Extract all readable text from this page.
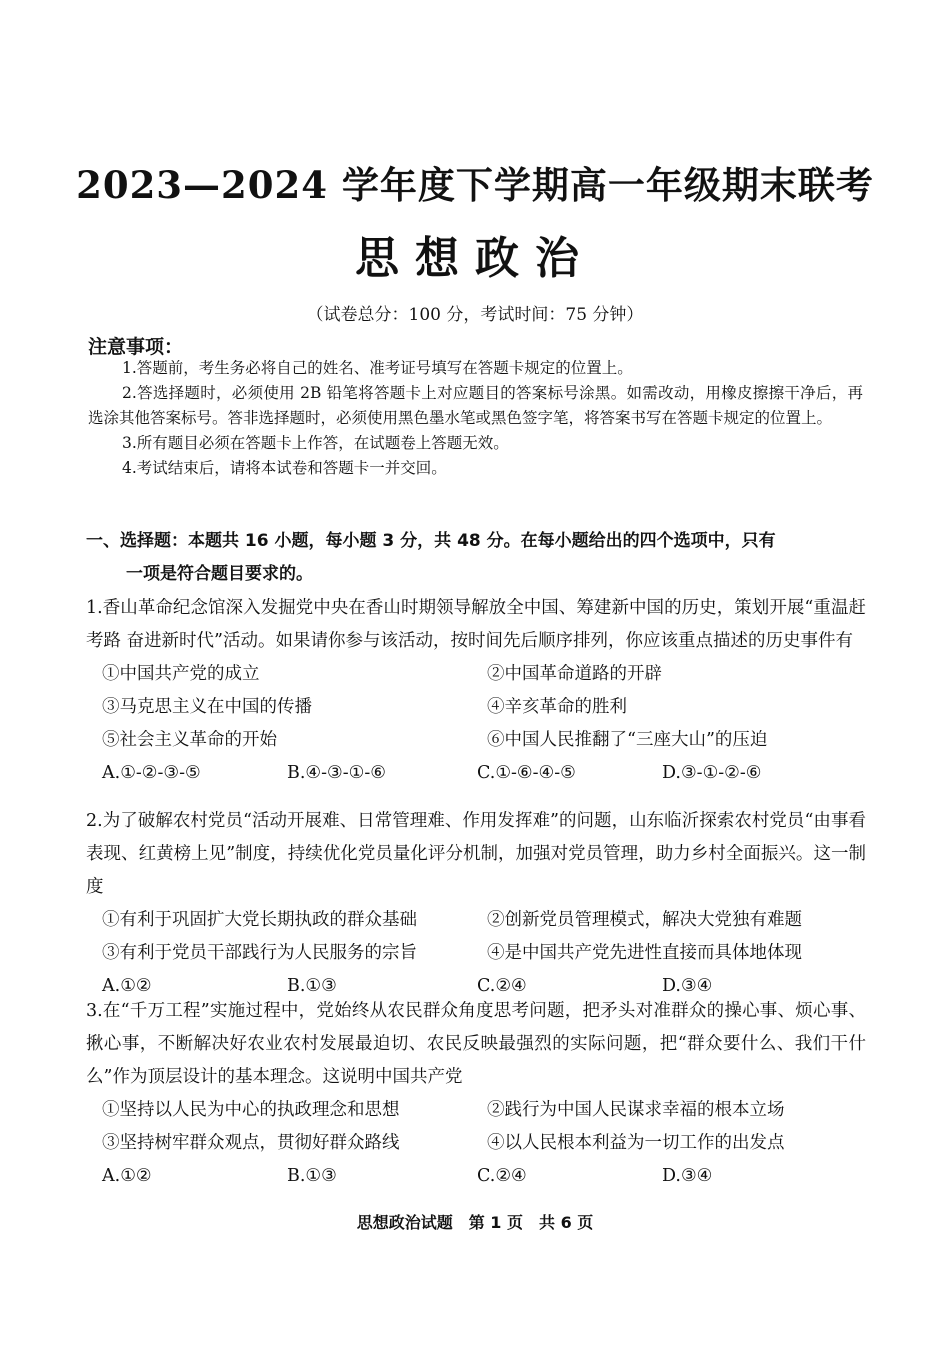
2023—2024 学年度下学期高一年级期末联考
思想政治
（试卷总分：100 分，考试时间：75 分钟）
注意事项：

1.答题前，考生务必将自己的姓名、准考证号填写在答题卡规定的位置上。

2.答选择题时，必须使用 2B 铅笔将答题卡上对应题目的答案标号涂黑。如需改动，用橡皮擦擦干净后，再选涂其他答案标号。答非选择题时，必须使用黑色墨水笔或黑色签字笔，将答案书写在答题卡规定的位置上。

3.所有题目必须在答题卡上作答，在试题卷上答题无效。

4.考试结束后，请将本试卷和答题卡一并交回。

一、选择题：本题共 16 小题，每小题 3 分，共 48 分。在每小题给出的四个选项中，只有
一项是符合题目要求的。
1.香山革命纪念馆深入发掘党中央在香山时期领导解放全中国、筹建新中国的历史，策划开展“重温赶考路 奋进新时代”活动。如果请你参与该活动，按时间先后顺序排列，你应该重点描述的历史事件有
①中国共产党的成立	②中国革命道路的开辟
③马克思主义在中国的传播	④辛亥革命的胜利
⑤社会主义革命的开始	⑥中国人民推翻了“三座大山”的压迫
A.①-②-③-⑤	B.④-③-①-⑥	C.①-⑥-④-⑤	D.③-①-②-⑥
2.为了破解农村党员“活动开展难、日常管理难、作用发挥难”的问题，山东临沂探索农村党员“由事看表现、红黄榜上见”制度，持续优化党员量化评分机制，加强对党员管理，助力乡村全面振兴。这一制度
①有利于巩固扩大党长期执政的群众基础	②创新党员管理模式，解决大党独有难题
③有利于党员干部践行为人民服务的宗旨	④是中国共产党先进性直接而具体地体现
A.①②	B.①③	C.②④	D.③④
3.在“千万工程”实施过程中，党始终从农民群众角度思考问题，把矛头对准群众的操心事、烦心事、揪心事，不断解决好农业农村发展最迫切、农民反映最强烈的实际问题，把“群众要什么、我们干什么”作为顶层设计的基本理念。这说明中国共产党
①坚持以人民为中心的执政理念和思想	②践行为中国人民谋求幸福的根本立场
③坚持树牢群众观点，贯彻好群众路线	④以人民根本利益为一切工作的出发点
A.①②	B.①③	C.②④	D.③④
思想政治试题　第 1 页　共 6 页
